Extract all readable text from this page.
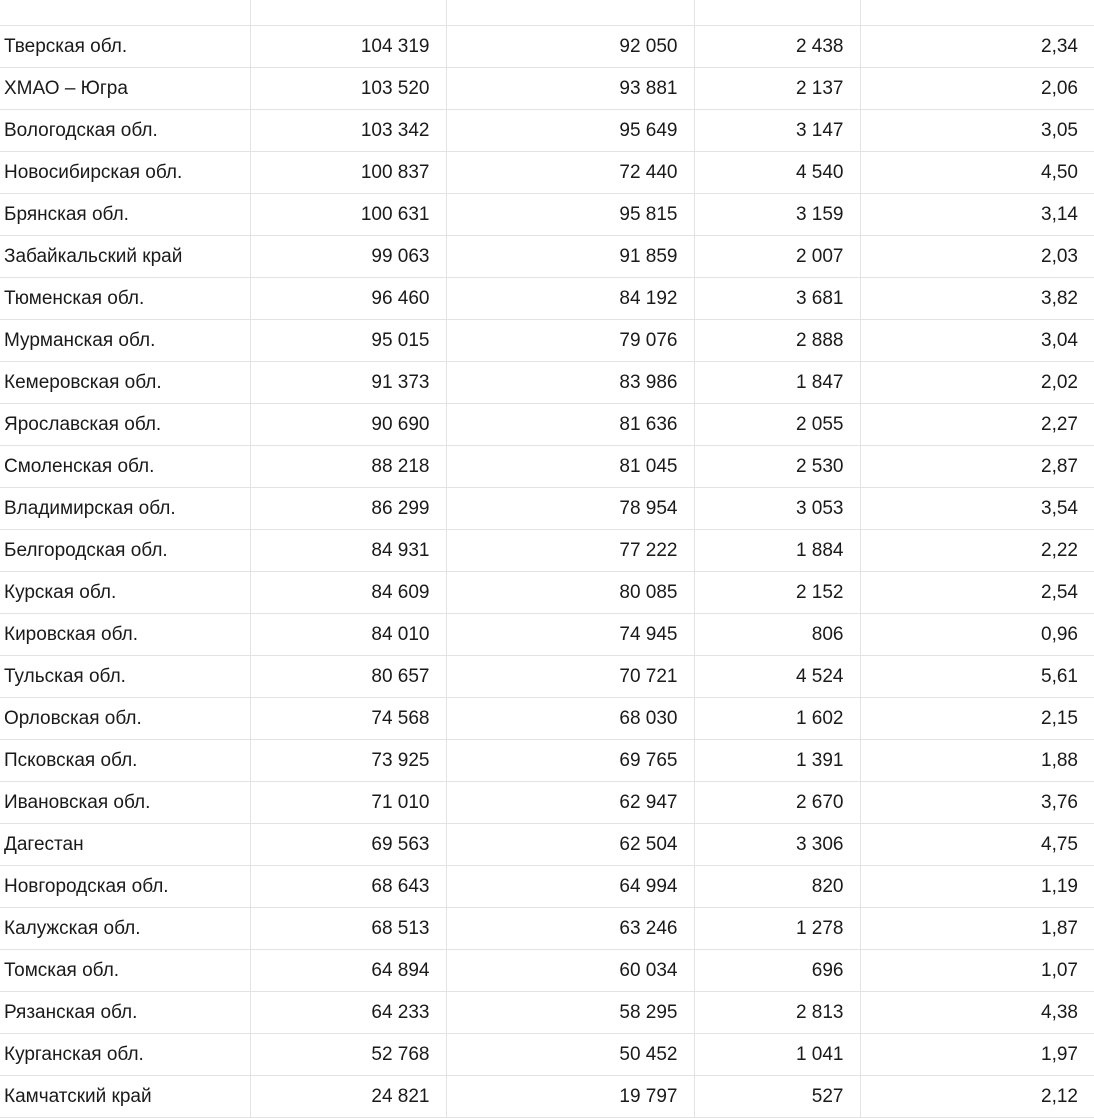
Тверская обл.	104 319	92 050	2 438	2,34
ХМАО – Югра	103 520	93 881	2 137	2,06
Вологодская обл.	103 342	95 649	3 147	3,05
Новосибирская обл.	100 837	72 440	4 540	4,50
Брянская обл.	100 631	95 815	3 159	3,14
Забайкальский край	99 063	91 859	2 007	2,03
Тюменская обл.	96 460	84 192	3 681	3,82
Мурманская обл.	95 015	79 076	2 888	3,04
Кемеровская обл.	91 373	83 986	1 847	2,02
Ярославская обл.	90 690	81 636	2 055	2,27
Смоленская обл.	88 218	81 045	2 530	2,87
Владимирская обл.	86 299	78 954	3 053	3,54
Белгородская обл.	84 931	77 222	1 884	2,22
Курская обл.	84 609	80 085	2 152	2,54
Кировская обл.	84 010	74 945	806	0,96
Тульская обл.	80 657	70 721	4 524	5,61
Орловская обл.	74 568	68 030	1 602	2,15
Псковская обл.	73 925	69 765	1 391	1,88
Ивановская обл.	71 010	62 947	2 670	3,76
Дагестан	69 563	62 504	3 306	4,75
Новгородская обл.	68 643	64 994	820	1,19
Калужская обл.	68 513	63 246	1 278	1,87
Томская обл.	64 894	60 034	696	1,07
Рязанская обл.	64 233	58 295	2 813	4,38
Курганская обл.	52 768	50 452	1 041	1,97
Камчатский край	24 821	19 797	527	2,12
